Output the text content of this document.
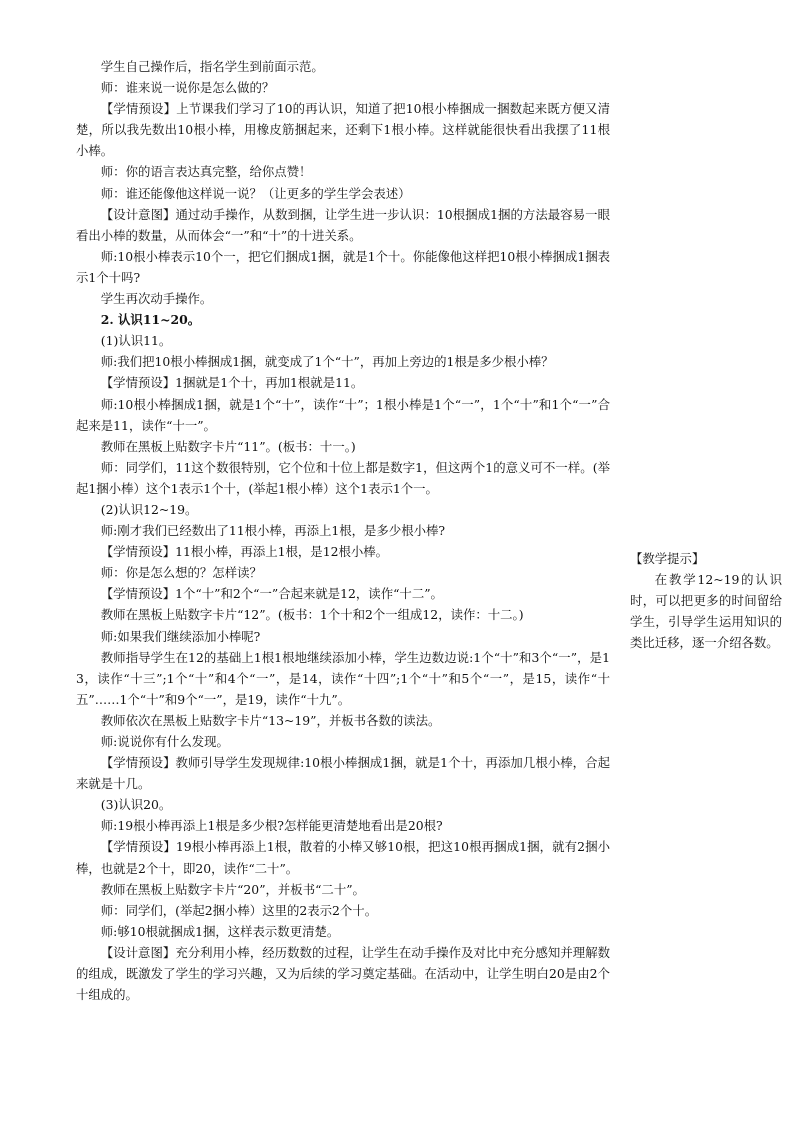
学生自己操作后，指名学生到前面示范。

师：谁来说一说你是怎么做的？

【学情预设】上节课我们学习了10的再认识，知道了把10根小棒捆成一捆数起来既方便又清楚，所以我先数出10根小棒，用橡皮筋捆起来，还剩下1根小棒。这样就能很快看出我摆了11根小棒。

师：你的语言表达真完整，给你点赞！

师：谁还能像他这样说一说？（让更多的学生学会表述）

【设计意图】通过动手操作，从数到捆，让学生进一步认识：10根捆成1捆的方法最容易一眼看出小棒的数量，从而体会“一”和“十”的十进关系。

师:10根小棒表示10个一，把它们捆成1捆，就是1个十。你能像他这样把10根小棒捆成1捆表示1个十吗?

学生再次动手操作。

2. 认识11~20。

(1)认识11。

师:我们把10根小棒捆成1捆，就变成了1个“十”，再加上旁边的1根是多少根小棒？

【学情预设】1捆就是1个十，再加1根就是11。

师:10根小棒捆成1捆，就是1个“十”，读作“十”；1根小棒是1个“一”，1个“十”和1个“一”合起来是11，读作“十一”。

教师在黑板上贴数字卡片“11”。(板书：十一。)

师：同学们，11这个数很特别，它个位和十位上都是数字1，但这两个1的意义可不一样。(举起1捆小棒）这个1表示1个十，(举起1根小棒）这个1表示1个一。

(2)认识12~19。

师:刚才我们已经数出了11根小棒，再添上1根，是多少根小棒?

【学情预设】11根小棒，再添上1根，是12根小棒。

师：你是怎么想的？怎样读？

【学情预设】1个“十”和2个“一”合起来就是12，读作“十二”。

教师在黑板上贴数字卡片“12”。(板书：1个十和2个一组成12，读作：十二。)

师:如果我们继续添加小棒呢?

教师指导学生在12的基础上1根1根地继续添加小棒，学生边数边说:1个“十”和3个“一”，是13，读作“十三”;1个“十”和4个“一”，是14，读作“十四”;1个“十”和5个“一”，是15，读作“十五”……1个“十”和9个“一”，是19，读作“十九”。

教师依次在黑板上贴数字卡片“13~19”，并板书各数的读法。

师:说说你有什么发现。

【学情预设】教师引导学生发现规律:10根小棒捆成1捆，就是1个十，再添加几根小棒，合起来就是十几。

(3)认识20。

师:19根小棒再添上1根是多少根?怎样能更清楚地看出是20根?

【学情预设】19根小棒再添上1根，散着的小棒又够10根，把这10根再捆成1捆，就有2捆小棒，也就是2个十，即20，读作“二十”。

教师在黑板上贴数字卡片“20”，并板书“二十”。

师：同学们，(举起2捆小棒）这里的2表示2个十。

师:够10根就捆成1捆，这样表示数更清楚。

【设计意图】充分利用小棒，经历数数的过程，让学生在动手操作及对比中充分感知并理解数的组成，既激发了学生的学习兴趣，又为后续的学习奠定基础。在活动中，让学生明白20是由2个十组成的。

【教学提示】

在教学12~19的认识时，可以把更多的时间留给学生，引导学生运用知识的类比迁移，逐一介绍各数。
